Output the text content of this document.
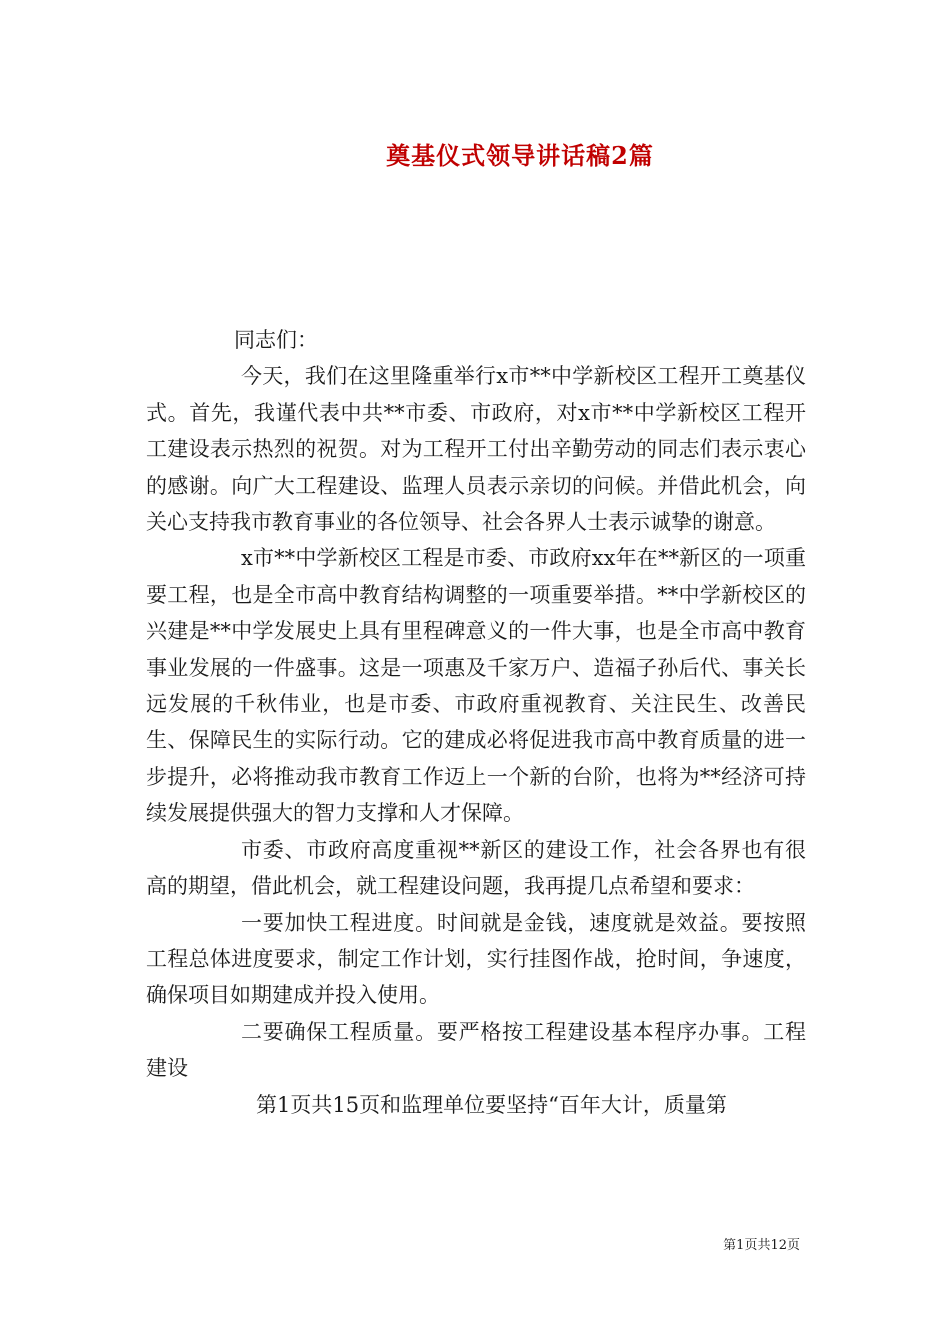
奠基仪式领导讲话稿2篇

同志们：

今天，我们在这里隆重举行x市**中学新校区工程开工奠基仪式。首先，我谨代表中共**市委、市政府，对x市**中学新校区工程开工建设表示热烈的祝贺。对为工程开工付出辛勤劳动的同志们表示衷心的感谢。向广大工程建设、监理人员表示亲切的问候。并借此机会，向关心支持我市教育事业的各位领导、社会各界人士表示诚挚的谢意。

x市**中学新校区工程是市委、市政府xx年在**新区的一项重要工程，也是全市高中教育结构调整的一项重要举措。**中学新校区的兴建是**中学发展史上具有里程碑意义的一件大事，也是全市高中教育事业发展的一件盛事。这是一项惠及千家万户、造福子孙后代、事关长远发展的千秋伟业，也是市委、市政府重视教育、关注民生、改善民生、保障民生的实际行动。它的建成必将促进我市高中教育质量的进一步提升，必将推动我市教育工作迈上一个新的台阶，也将为**经济可持续发展提供强大的智力支撑和人才保障。

市委、市政府高度重视**新区的建设工作，社会各界也有很高的期望，借此机会，就工程建设问题，我再提几点希望和要求：

一要加快工程进度。时间就是金钱，速度就是效益。要按照工程总体进度要求，制定工作计划，实行挂图作战，抢时间，争速度，确保项目如期建成并投入使用。

二要确保工程质量。要严格按工程建设基本程序办事。工程建设

第1页共15页和监理单位要坚持“百年大计，质量第

第1页共12页
